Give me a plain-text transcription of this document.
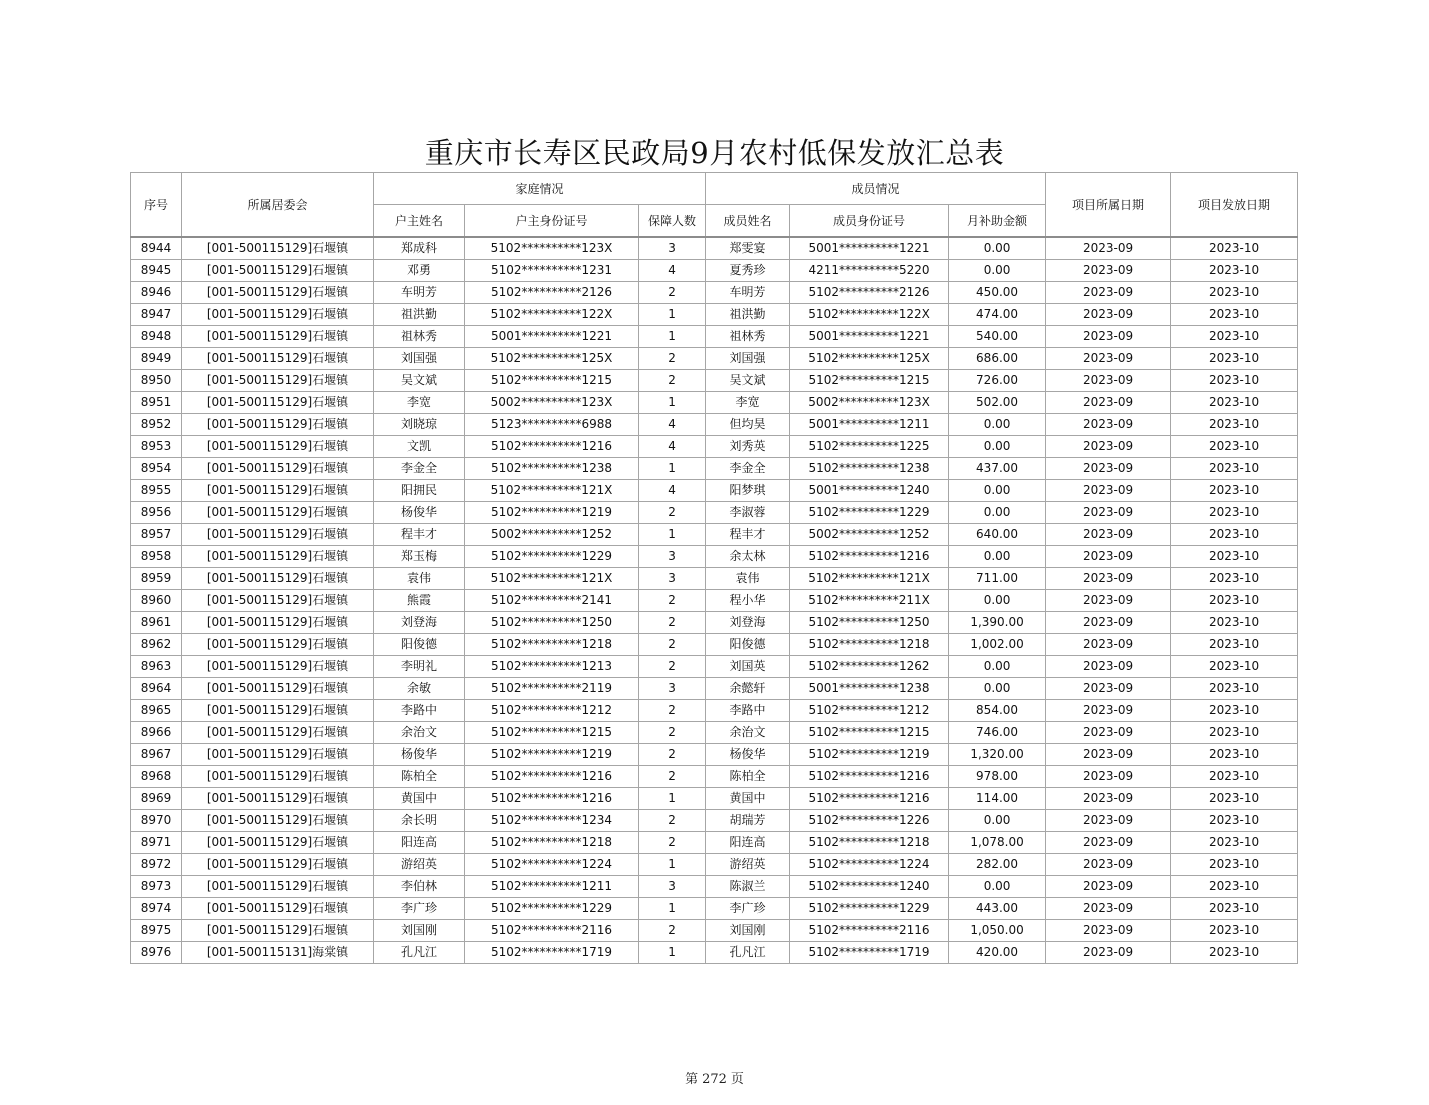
重庆市长寿区民政局9月农村低保发放汇总表
序号	所属居委会	家庭情况			成员情况			项目所属日期	项目发放日期
		户主姓名	户主身份证号	保障人数	成员姓名	成员身份证号	月补助金额		
8944	[001-500115129]石堰镇	郑成科	5102**********123X	3	郑雯宴	5001**********1221	0.00	2023-09	2023-10
8945	[001-500115129]石堰镇	邓勇	5102**********1231	4	夏秀珍	4211**********5220	0.00	2023-09	2023-10
8946	[001-500115129]石堰镇	车明芳	5102**********2126	2	车明芳	5102**********2126	450.00	2023-09	2023-10
8947	[001-500115129]石堰镇	祖洪勤	5102**********122X	1	祖洪勤	5102**********122X	474.00	2023-09	2023-10
8948	[001-500115129]石堰镇	祖林秀	5001**********1221	1	祖林秀	5001**********1221	540.00	2023-09	2023-10
8949	[001-500115129]石堰镇	刘国强	5102**********125X	2	刘国强	5102**********125X	686.00	2023-09	2023-10
8950	[001-500115129]石堰镇	吴文斌	5102**********1215	2	吴文斌	5102**********1215	726.00	2023-09	2023-10
8951	[001-500115129]石堰镇	李宽	5002**********123X	1	李宽	5002**********123X	502.00	2023-09	2023-10
8952	[001-500115129]石堰镇	刘晓琼	5123**********6988	4	但均昊	5001**********1211	0.00	2023-09	2023-10
8953	[001-500115129]石堰镇	文凯	5102**********1216	4	刘秀英	5102**********1225	0.00	2023-09	2023-10
8954	[001-500115129]石堰镇	李金全	5102**********1238	1	李金全	5102**********1238	437.00	2023-09	2023-10
8955	[001-500115129]石堰镇	阳拥民	5102**********121X	4	阳梦琪	5001**********1240	0.00	2023-09	2023-10
8956	[001-500115129]石堰镇	杨俊华	5102**********1219	2	李淑蓉	5102**********1229	0.00	2023-09	2023-10
8957	[001-500115129]石堰镇	程丰才	5002**********1252	1	程丰才	5002**********1252	640.00	2023-09	2023-10
8958	[001-500115129]石堰镇	郑玉梅	5102**********1229	3	余太林	5102**********1216	0.00	2023-09	2023-10
8959	[001-500115129]石堰镇	袁伟	5102**********121X	3	袁伟	5102**********121X	711.00	2023-09	2023-10
8960	[001-500115129]石堰镇	熊霞	5102**********2141	2	程小华	5102**********211X	0.00	2023-09	2023-10
8961	[001-500115129]石堰镇	刘登海	5102**********1250	2	刘登海	5102**********1250	1,390.00	2023-09	2023-10
8962	[001-500115129]石堰镇	阳俊德	5102**********1218	2	阳俊德	5102**********1218	1,002.00	2023-09	2023-10
8963	[001-500115129]石堰镇	李明礼	5102**********1213	2	刘国英	5102**********1262	0.00	2023-09	2023-10
8964	[001-500115129]石堰镇	余敏	5102**********2119	3	余懿轩	5001**********1238	0.00	2023-09	2023-10
8965	[001-500115129]石堰镇	李路中	5102**********1212	2	李路中	5102**********1212	854.00	2023-09	2023-10
8966	[001-500115129]石堰镇	余治文	5102**********1215	2	余治文	5102**********1215	746.00	2023-09	2023-10
8967	[001-500115129]石堰镇	杨俊华	5102**********1219	2	杨俊华	5102**********1219	1,320.00	2023-09	2023-10
8968	[001-500115129]石堰镇	陈柏全	5102**********1216	2	陈柏全	5102**********1216	978.00	2023-09	2023-10
8969	[001-500115129]石堰镇	黄国中	5102**********1216	1	黄国中	5102**********1216	114.00	2023-09	2023-10
8970	[001-500115129]石堰镇	余长明	5102**********1234	2	胡瑞芳	5102**********1226	0.00	2023-09	2023-10
8971	[001-500115129]石堰镇	阳连高	5102**********1218	2	阳连高	5102**********1218	1,078.00	2023-09	2023-10
8972	[001-500115129]石堰镇	游绍英	5102**********1224	1	游绍英	5102**********1224	282.00	2023-09	2023-10
8973	[001-500115129]石堰镇	李伯林	5102**********1211	3	陈淑兰	5102**********1240	0.00	2023-09	2023-10
8974	[001-500115129]石堰镇	李广珍	5102**********1229	1	李广珍	5102**********1229	443.00	2023-09	2023-10
8975	[001-500115129]石堰镇	刘国刚	5102**********2116	2	刘国刚	5102**********2116	1,050.00	2023-09	2023-10
8976	[001-500115131]海棠镇	孔凡江	5102**********1719	1	孔凡江	5102**********1719	420.00	2023-09	2023-10
第 272 页
